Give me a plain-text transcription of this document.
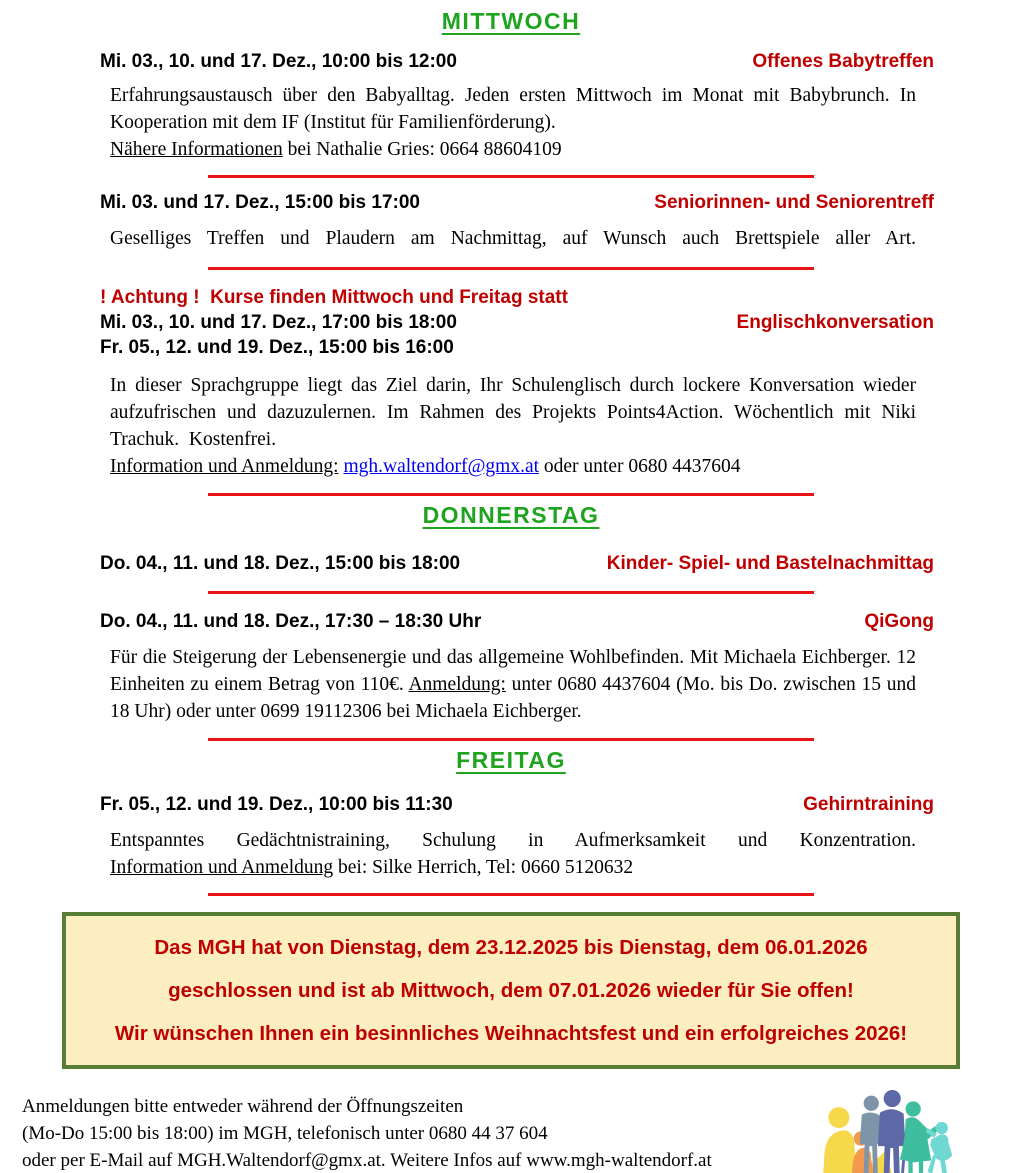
MITTWOCH
Mi. 03., 10. und 17. Dez., 10:00 bis 12:00	Offenes Babytreffen

Erfahrungsaustausch über den Babyalltag. Jeden ersten Mittwoch im Monat mit Babybrunch. In Kooperation mit dem IF (Institut für Familienförderung).
Nähere Informationen bei Nathalie Gries: 0664 88604109

Mi. 03. und 17. Dez., 15:00 bis 17:00	Seniorinnen- und Seniorentreff

Geselliges Treffen und Plaudern am Nachmittag, auf Wunsch auch Brettspiele aller Art.

! Achtung !  Kurse finden Mittwoch und Freitag statt
Mi. 03., 10. und 17. Dez., 17:00 bis 18:00	Englischkonversation
Fr. 05., 12. und 19. Dez., 15:00 bis 16:00

In dieser Sprachgruppe liegt das Ziel darin, Ihr Schulenglisch durch lockere Konversation wieder aufzufrischen und dazuzulernen. Im Rahmen des Projekts Points4Action. Wöchentlich mit Niki Trachuk.  Kostenfrei.
Information und Anmeldung: mgh.waltendorf@gmx.at oder unter 0680 4437604

DONNERSTAG
Do. 04., 11. und 18. Dez., 15:00 bis 18:00	Kinder- Spiel- und Bastelnachmittag
Do. 04., 11. und 18. Dez., 17:30 – 18:30 Uhr	QiGong

Für die Steigerung der Lebensenergie und das allgemeine Wohlbefinden. Mit Michaela Eichberger. 12 Einheiten zu einem Betrag von 110€. Anmeldung: unter 0680 4437604 (Mo. bis Do. zwischen 15 und 18 Uhr) oder unter 0699 19112306 bei Michaela Eichberger.

FREITAG
Fr. 05., 12. und 19. Dez., 10:00 bis 11:30	Gehirntraining

Entspanntes Gedächtnistraining, Schulung in Aufmerksamkeit und Konzentration.
Information und Anmeldung bei: Silke Herrich, Tel: 0660 5120632

Das MGH hat von Dienstag, dem 23.12.2025 bis Dienstag, dem 06.01.2026
geschlossen und ist ab Mittwoch, dem 07.01.2026 wieder für Sie offen!
Wir wünschen Ihnen ein besinnliches Weihnachtsfest und ein erfolgreiches 2026!
Anmeldungen bitte entweder während der Öffnungszeiten
(Mo-Do 15:00 bis 18:00) im MGH, telefonisch unter 0680 44 37 604
oder per E-Mail auf MGH.Waltendorf@gmx.at. Weitere Infos auf www.mgh-waltendorf.at
